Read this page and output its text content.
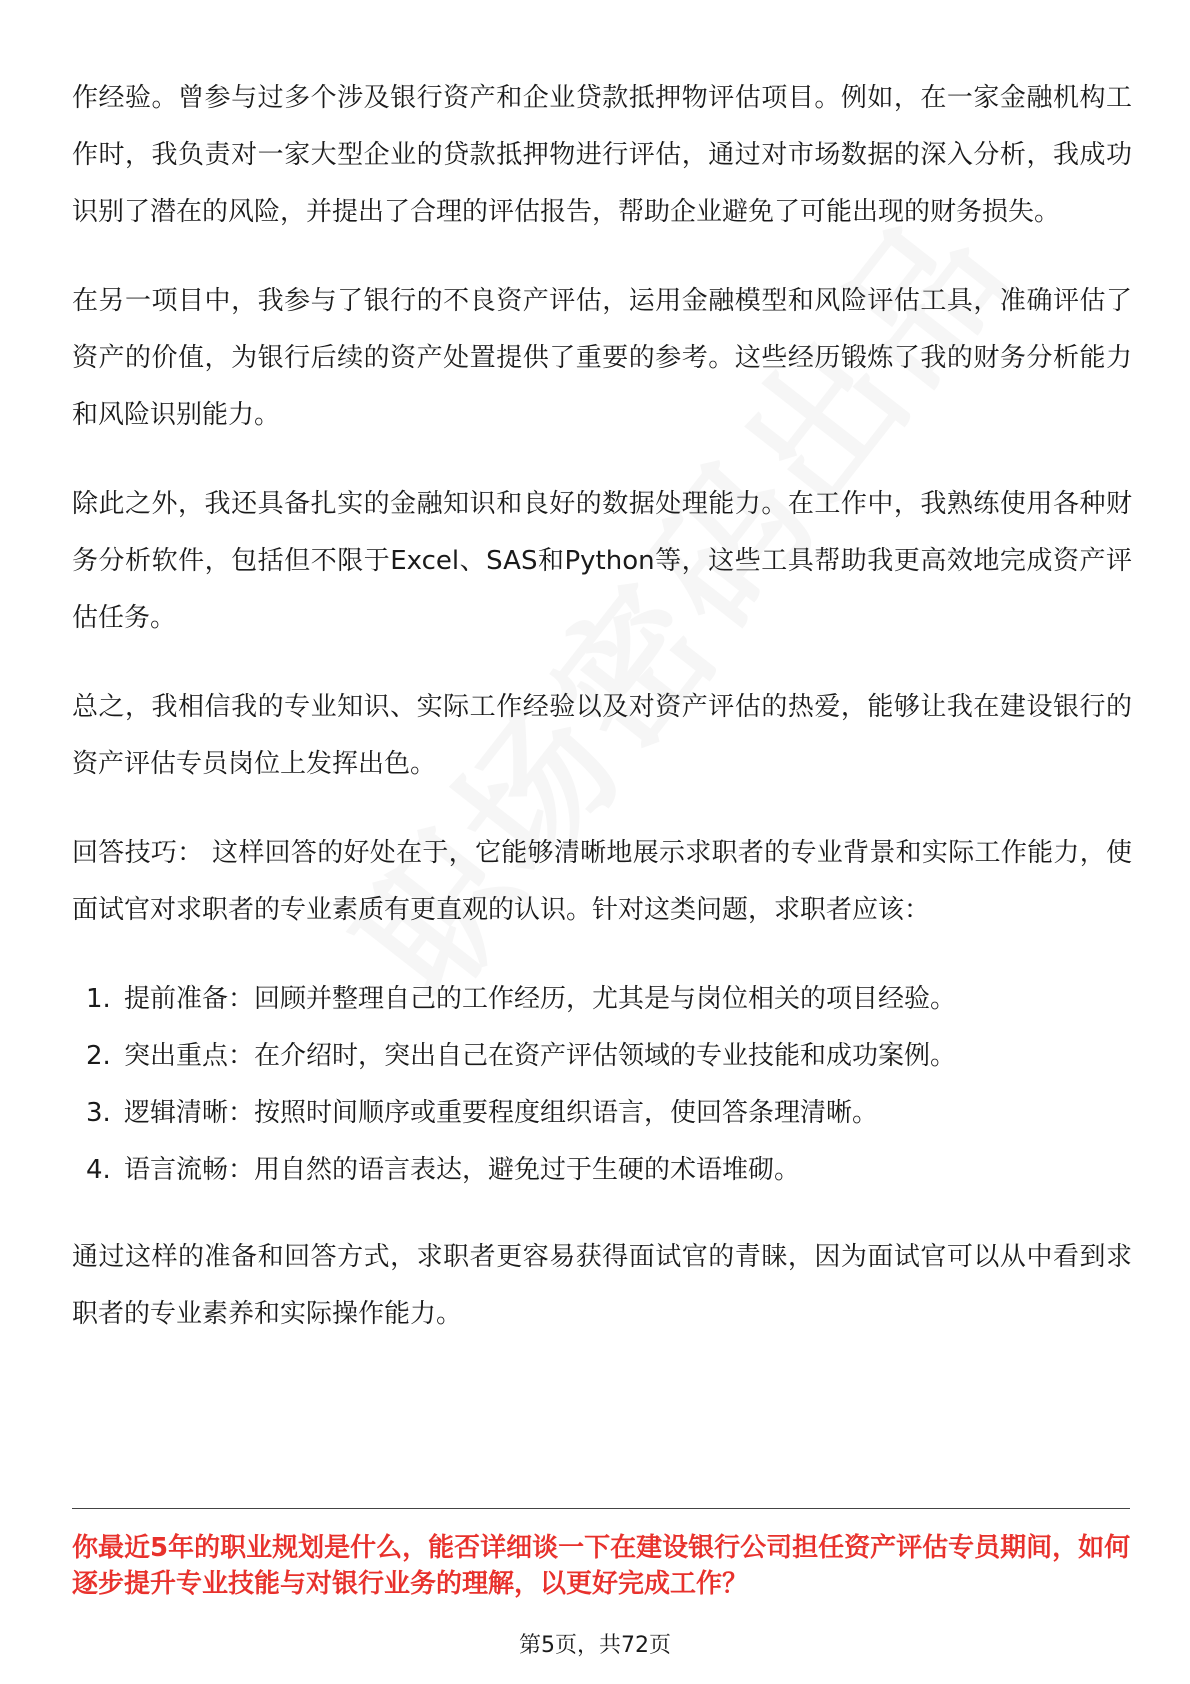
作经验。曾参与过多个涉及银行资产和企业贷款抵押物评估项目。例如，在一家金融机构工作时，我负责对一家大型企业的贷款抵押物进行评估，通过对市场数据的深入分析，我成功识别了潜在的风险，并提出了合理的评估报告，帮助企业避免了可能出现的财务损失。

在另一项目中，我参与了银行的不良资产评估，运用金融模型和风险评估工具，准确评估了资产的价值，为银行后续的资产处置提供了重要的参考。这些经历锻炼了我的财务分析能力和风险识别能力。

除此之外，我还具备扎实的金融知识和良好的数据处理能力。在工作中，我熟练使用各种财务分析软件，包括但不限于Excel、SAS和Python等，这些工具帮助我更高效地完成资产评估任务。

总之，我相信我的专业知识、实际工作经验以及对资产评估的热爱，能够让我在建设银行的资产评估专员岗位上发挥出色。

回答技巧： 这样回答的好处在于，它能够清晰地展示求职者的专业背景和实际工作能力，使面试官对求职者的专业素质有更直观的认识。针对这类问题，求职者应该：

1. 提前准备：回顾并整理自己的工作经历，尤其是与岗位相关的项目经验。
2. 突出重点：在介绍时，突出自己在资产评估领域的专业技能和成功案例。
3. 逻辑清晰：按照时间顺序或重要程度组织语言，使回答条理清晰。
4. 语言流畅：用自然的语言表达，避免过于生硬的术语堆砌。

通过这样的准备和回答方式，求职者更容易获得面试官的青睐，因为面试官可以从中看到求职者的专业素养和实际操作能力。

你最近5年的职业规划是什么，能否详细谈一下在建设银行公司担任资产评估专员期间，如何逐步提升专业技能与对银行业务的理解，以更好完成工作？
第5页，共72页
